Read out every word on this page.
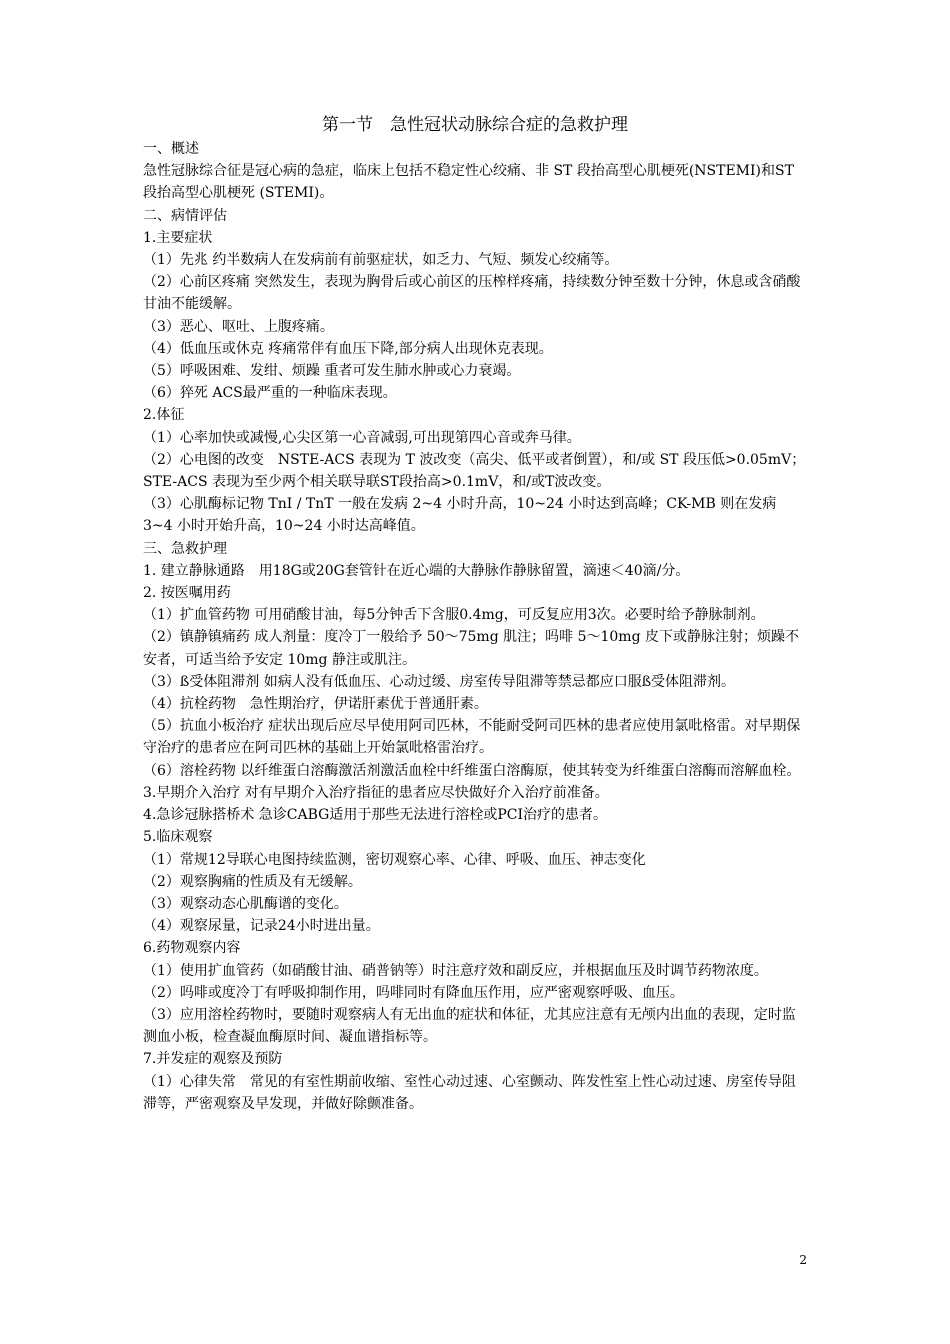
第一节　急性冠状动脉综合症的急救护理

一、概述

急性冠脉综合征是冠心病的急症，临床上包括不稳定性心绞痛、非 ST 段抬高型心肌梗死(NSTEMI)和ST段抬高型心肌梗死 (STEMI)。

二、病情评估

1.主要症状

（1）先兆 约半数病人在发病前有前驱症状，如乏力、气短、频发心绞痛等。

（2）心前区疼痛 突然发生，表现为胸骨后或心前区的压榨样疼痛，持续数分钟至数十分钟，休息或含硝酸甘油不能缓解。

（3）恶心、呕吐、上腹疼痛。

（4）低血压或休克 疼痛常伴有血压下降,部分病人出现休克表现。

（5）呼吸困难、发绀、烦躁 重者可发生肺水肿或心力衰竭。

（6）猝死 ACS最严重的一种临床表现。

2.体征

（1）心率加快或减慢,心尖区第一心音减弱,可出现第四心音或奔马律。

（2）心电图的改变　NSTE-ACS 表现为 T 波改变（高尖、低平或者倒置），和/或 ST 段压低>0.05mV；STE-ACS 表现为至少两个相关联导联ST段抬高>0.1mV，和/或T波改变。

（3）心肌酶标记物 TnI / TnT 一般在发病 2~4 小时升高，10~24 小时达到高峰；CK-MB 则在发病 3~4 小时开始升高，10~24 小时达高峰值。

三、急救护理

1. 建立静脉通路　用18G或20G套管针在近心端的大静脉作静脉留置，滴速＜40滴/分。

2. 按医嘱用药

（1）扩血管药物 可用硝酸甘油，每5分钟舌下含服0.4mg，可反复应用3次。必要时给予静脉制剂。

（2）镇静镇痛药 成人剂量：度冷丁一般给予 50～75mg 肌注；吗啡 5～10mg 皮下或静脉注射；烦躁不安者，可适当给予安定 10mg 静注或肌注。

（3）ß受体阻滞剂 如病人没有低血压、心动过缓、房室传导阻滞等禁忌都应口服ß受体阻滞剂。

（4）抗栓药物　急性期治疗，伊诺肝素优于普通肝素。

（5）抗血小板治疗 症状出现后应尽早使用阿司匹林，不能耐受阿司匹林的患者应使用氯吡格雷。对早期保守治疗的患者应在阿司匹林的基础上开始氯吡格雷治疗。

（6）溶栓药物 以纤维蛋白溶酶激活剂激活血栓中纤维蛋白溶酶原，使其转变为纤维蛋白溶酶而溶解血栓。

3.早期介入治疗 对有早期介入治疗指征的患者应尽快做好介入治疗前准备。

4.急诊冠脉搭桥术 急诊CABG适用于那些无法进行溶栓或PCI治疗的患者。

5.临床观察

（1）常规12导联心电图持续监测，密切观察心率、心律、呼吸、血压、神志变化

（2）观察胸痛的性质及有无缓解。

（3）观察动态心肌酶谱的变化。

（4）观察尿量，记录24小时进出量。

6.药物观察内容

（1）使用扩血管药（如硝酸甘油、硝普钠等）时注意疗效和副反应，并根据血压及时调节药物浓度。

（2）吗啡或度冷丁有呼吸抑制作用，吗啡同时有降血压作用，应严密观察呼吸、血压。

（3）应用溶栓药物时，要随时观察病人有无出血的症状和体征，尤其应注意有无颅内出血的表现，定时监测血小板，检查凝血酶原时间、凝血谱指标等。

7.并发症的观察及预防

（1）心律失常　常见的有室性期前收缩、室性心动过速、心室颤动、阵发性室上性心动过速、房室传导阻滞等，严密观察及早发现，并做好除颤准备。

2
